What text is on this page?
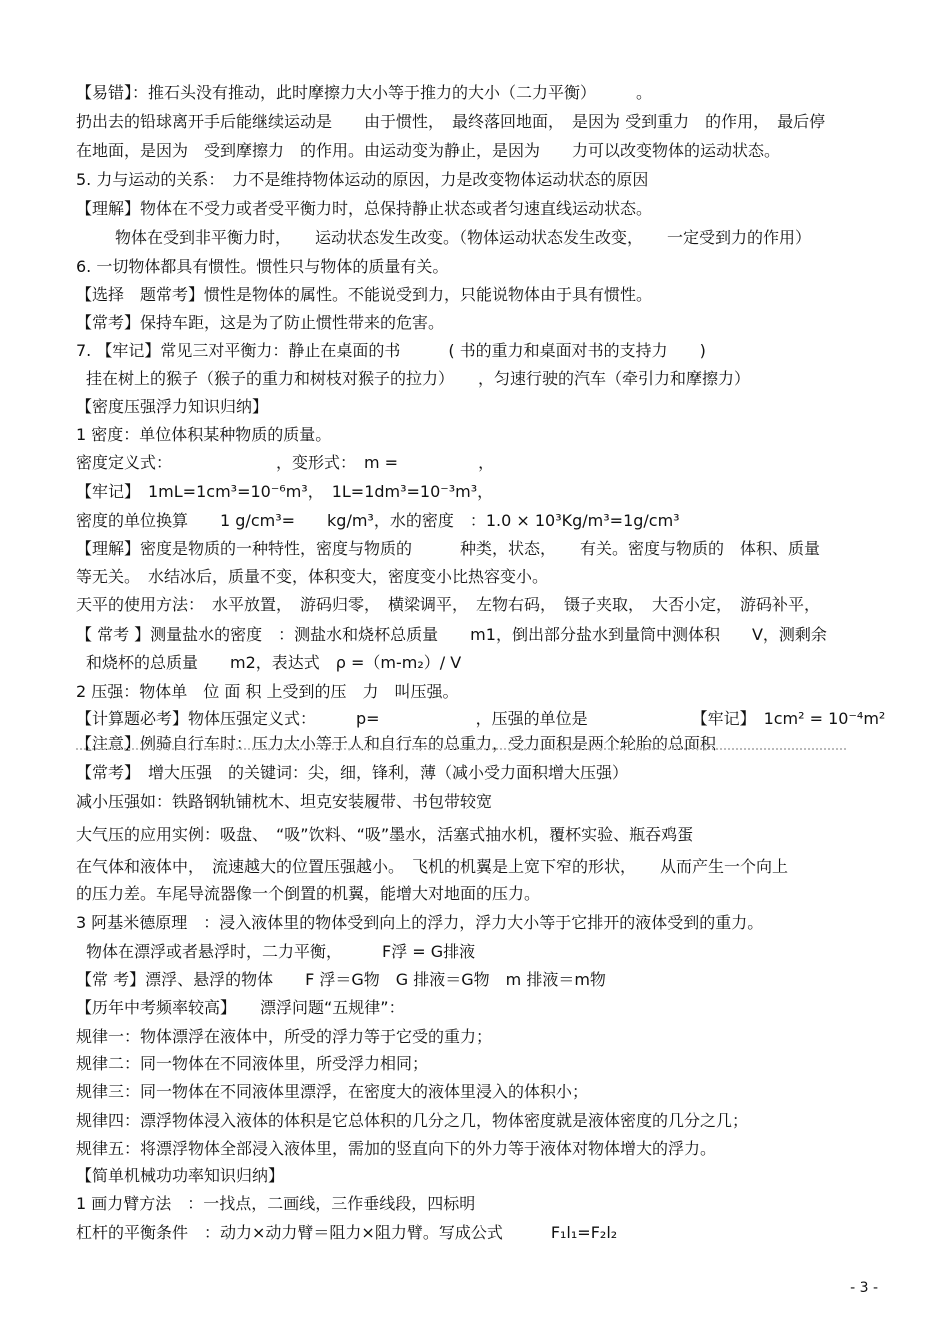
【易错】：推石头没有推动，此时摩擦力大小等于推力的大小（二力平衡）　　　。
扔出去的铅球离开手后能继续运动是　　由于惯性，　最终落回地面，　是因为 受到重力　的作用，　最后停
在地面，是因为　受到摩擦力　的作用。由运动变为静止，是因为　　力可以改变物体的运动状态。
5. 力与运动的关系：　力不是维持物体运动的原因，力是改变物体运动状态的原因
【理解】物体在不受力或者受平衡力时，总保持静止状态或者匀速直线运动状态。
物体在受到非平衡力时，　　运动状态发生改变。（物体运动状态发生改变，　　一定受到力的作用）
6. 一切物体都具有惯性。惯性只与物体的质量有关。
【选择　题常考】惯性是物体的属性。不能说受到力，只能说物体由于具有惯性。
【常考】保持车距，这是为了防止惯性带来的危害。
7. 【牢记】常见三对平衡力：静止在桌面的书　　　( 书的重力和桌面对书的支持力　　)
挂在树上的猴子（猴子的重力和树枝对猴子的拉力）　　，匀速行驶的汽车（牵引力和摩擦力）
【密度压强浮力知识归纳】
1 密度：单位体积某种物质的质量。
密度定义式：　　　　　　　，变形式：　m =　　　　　，
【牢记】　1mL=1cm³=10⁻⁶m³，　1L=1dm³=10⁻³m³，
密度的单位换算　　1 g/cm³=　　kg/m³，水的密度　：1.0 × 10³Kg/m³=1g/cm³
【理解】密度是物质的一种特性，密度与物质的　　　种类，状态，　　有关。密度与物质的　体积、质量
等无关。　水结冰后，质量不变，体积变大，密度变小比热容变小。
天平的使用方法：　水平放置，　游码归零，　横梁调平，　左物右码，　镊子夹取，　大否小定，　游码补平，
【 常考 】测量盐水的密度　：测盐水和烧杯总质量　　m1，倒出部分盐水到量筒中测体积　　V，测剩余
和烧杯的总质量　　m2，表达式　ρ =（m-m₂）/ V
2 压强：物体单　位 面 积 上受到的压　力　叫压强。
【计算题必考】物体压强定义式：　　　p=　　　　　　，压强的单位是　　　　　　　【牢记】　1cm² = 10⁻⁴m²
【注意】例骑自行车时：压力大小等于人和自行车的总重力，受力面积是两个轮胎的总面积
【常考】　增大压强　的关键词：尖，细，锋利，薄（减小受力面积增大压强）
减小压强如：铁路钢轨铺枕木、坦克安装履带、书包带较宽
大气压的应用实例：吸盘、　“吸”饮料、“吸”墨水，活塞式抽水机，覆杯实验、瓶吞鸡蛋
在气体和液体中，　流速越大的位置压强越小。　飞机的机翼是上宽下窄的形状，　　从而产生一个向上
的压力差。车尾导流器像一个倒置的机翼，能增大对地面的压力。
3 阿基米德原理　：浸入液体里的物体受到向上的浮力，浮力大小等于它排开的液体受到的重力。
物体在漂浮或者悬浮时，二力平衡，　　　F浮 = G排液
【常 考】漂浮、悬浮的物体　　F 浮＝G物　G 排液＝G物　m 排液＝m物
【历年中考频率较高】　　漂浮问题“五规律”：
规律一：物体漂浮在液体中，所受的浮力等于它受的重力；
规律二：同一物体在不同液体里，所受浮力相同；
规律三：同一物体在不同液体里漂浮，在密度大的液体里浸入的体积小；
规律四：漂浮物体浸入液体的体积是它总体积的几分之几，物体密度就是液体密度的几分之几；
规律五：将漂浮物体全部浸入液体里，需加的竖直向下的外力等于液体对物体增大的浮力。
【简单机械功功率知识归纳】
1 画力臂方法　：一找点，二画线，三作垂线段，四标明
杠杆的平衡条件　：动力×动力臂＝阻力×阻力臂。写成公式　　　F₁l₁=F₂l₂
- 3 -
